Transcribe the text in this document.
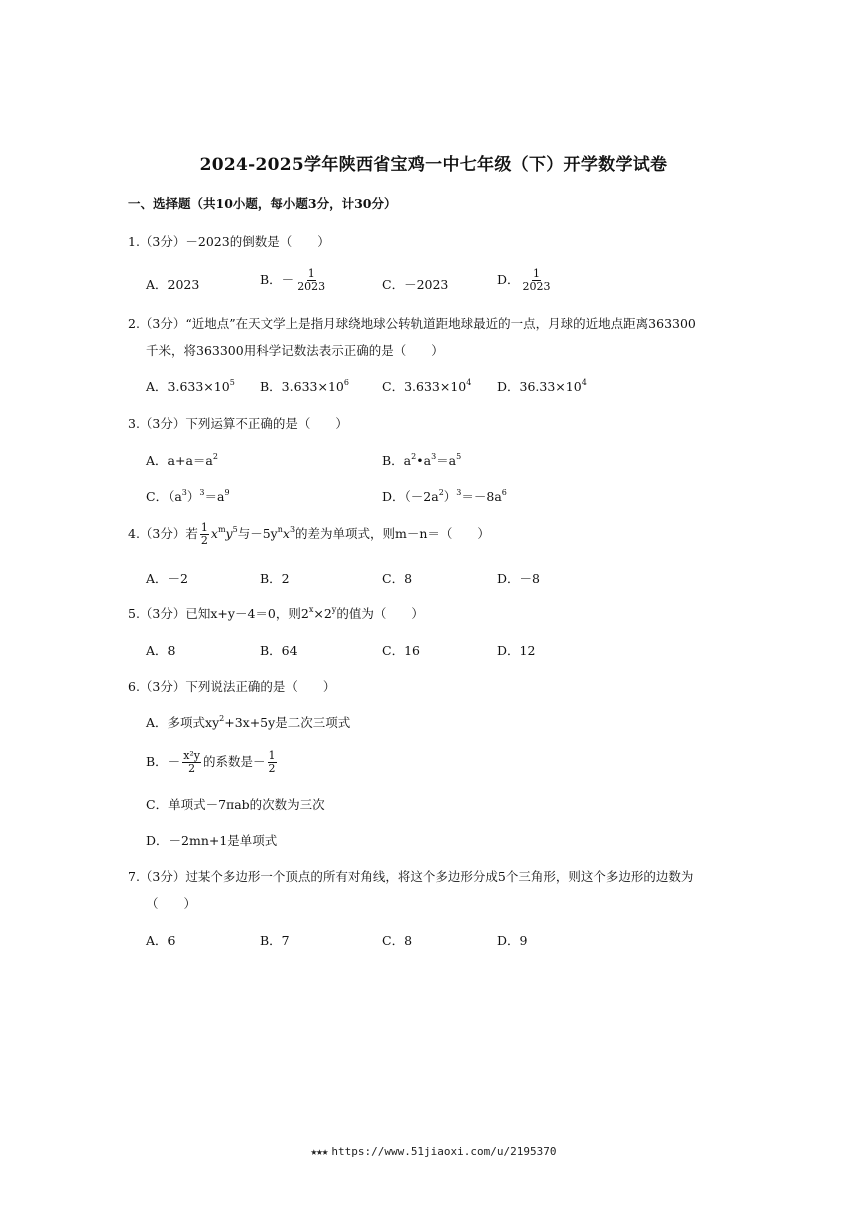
2024-2025学年陕西省宝鸡一中七年级（下）开学数学试卷
一、选择题（共10小题，每小题3分，计30分）
1.（3分）－2023的倒数是（　　）
A．2023	B．－ $\frac{1}{2023}$	C．－2023	D． $\frac{1}{2023}$
2.（3分）“近地点”在天文学上是指月球绕地球公转轨道距地球最近的一点，月球的近地点距离363300
千米，将363300用科学记数法表示正确的是（　　）
A．$3.633\times 10^5$ B．$3.633\times 10^6$	C．$3.633\times 10^4$ D．$36.33\times 10^4$
3.（3分）下列运算不正确的是（　　）
A．$a+a=a^2$	B．$a^2•a^3=a^5$
C．$(a^3)^3=a^9$	D．$(-2a^2)^3=-8a^6$
4.（3分）若 $\frac{1}{2} x^my^5$与$-5y^nx^3$的差为单项式，则m－n＝（　　）
A．－2	B．2	C．8	D．－8
5.（3分）已知x+y－4＝0，则$2^x\times 2^y$的值为（　　）
A．8	B．64	C．16	D．12
6.（3分）下列说法正确的是（　　）
A．多项式$xy^2+3x+5y$是二次三项式
B．－ $\frac{\text{x²y}}{2}$ 的系数是－ $\frac{1}{2}$
C．单项式－7πab的次数为三次
D．－2mn+1是单项式
7.（3分）过某个多边形一个顶点的所有对角线，将这个多边形分成5个三角形，则这个多边形的边数为
（　　）
A．6	B．7	C．8	D．9
★★★ https://www.51jiaoxi.com/u/2195370
